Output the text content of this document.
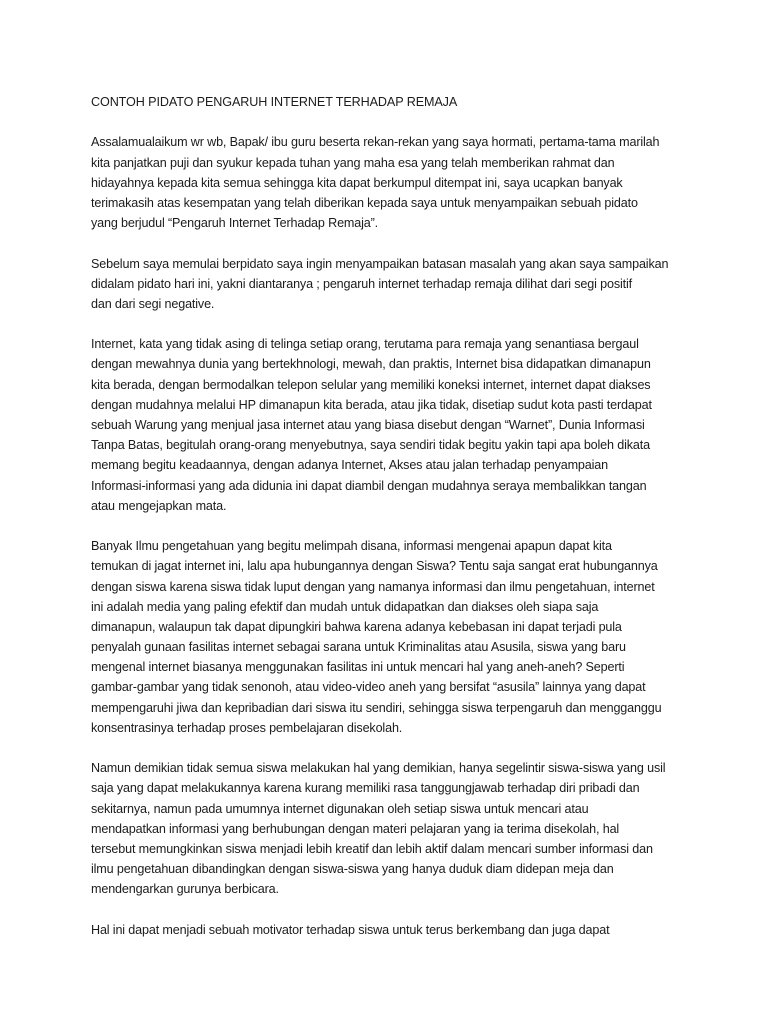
CONTOH PIDATO PENGARUH INTERNET TERHADAP REMAJA
Assalamualaikum wr wb, Bapak/ ibu guru beserta rekan-rekan yang saya hormati, pertama-tama marilah
kita panjatkan puji dan syukur kepada tuhan yang maha esa yang telah memberikan rahmat dan
hidayahnya kepada kita semua sehingga kita dapat berkumpul ditempat ini, saya ucapkan banyak
terimakasih atas kesempatan yang telah diberikan kepada saya untuk menyampaikan sebuah pidato
yang berjudul “Pengaruh Internet Terhadap Remaja”.
Sebelum saya memulai berpidato saya ingin menyampaikan batasan masalah yang akan saya sampaikan
didalam pidato hari ini, yakni diantaranya ; pengaruh internet terhadap remaja dilihat dari segi positif
dan dari segi negative.
Internet, kata yang tidak asing di telinga setiap orang, terutama para remaja yang senantiasa bergaul
dengan mewahnya dunia yang bertekhnologi, mewah, dan praktis, Internet bisa didapatkan dimanapun
kita berada, dengan bermodalkan telepon selular yang memiliki koneksi internet, internet dapat diakses
dengan mudahnya melalui HP dimanapun kita berada, atau jika tidak, disetiap sudut kota pasti terdapat
sebuah Warung yang menjual jasa internet atau yang biasa disebut dengan “Warnet”, Dunia Informasi
Tanpa Batas, begitulah orang-orang menyebutnya, saya sendiri tidak begitu yakin tapi apa boleh dikata
memang begitu keadaannya, dengan adanya Internet, Akses atau jalan terhadap penyampaian
Informasi-informasi yang ada didunia ini dapat diambil dengan mudahnya seraya membalikkan tangan
atau mengejapkan mata.
Banyak Ilmu pengetahuan yang begitu melimpah disana, informasi mengenai apapun dapat kita
temukan di jagat internet ini, lalu apa hubungannya dengan Siswa? Tentu saja sangat erat hubungannya
dengan siswa karena siswa tidak luput dengan yang namanya informasi dan ilmu pengetahuan, internet
ini adalah media yang paling efektif dan mudah untuk didapatkan dan diakses oleh siapa saja
dimanapun, walaupun tak dapat dipungkiri bahwa karena adanya kebebasan ini dapat terjadi pula
penyalah gunaan fasilitas internet sebagai sarana untuk Kriminalitas atau Asusila, siswa yang baru
mengenal internet biasanya menggunakan fasilitas ini untuk mencari hal yang aneh-aneh? Seperti
gambar-gambar yang tidak senonoh, atau video-video aneh yang bersifat “asusila” lainnya yang dapat
mempengaruhi jiwa dan kepribadian dari siswa itu sendiri, sehingga siswa terpengaruh dan mengganggu
konsentrasinya terhadap proses pembelajaran disekolah.
Namun demikian tidak semua siswa melakukan hal yang demikian, hanya segelintir siswa-siswa yang usil
saja yang dapat melakukannya karena kurang memiliki rasa tanggungjawab terhadap diri pribadi dan
sekitarnya, namun pada umumnya internet digunakan oleh setiap siswa untuk mencari atau
mendapatkan informasi yang berhubungan dengan materi pelajaran yang ia terima disekolah, hal
tersebut memungkinkan siswa menjadi lebih kreatif dan lebih aktif dalam mencari sumber informasi dan
ilmu pengetahuan dibandingkan dengan siswa-siswa yang hanya duduk diam didepan meja dan
mendengarkan gurunya berbicara.
Hal ini dapat menjadi sebuah motivator terhadap siswa untuk terus berkembang dan juga dapat
